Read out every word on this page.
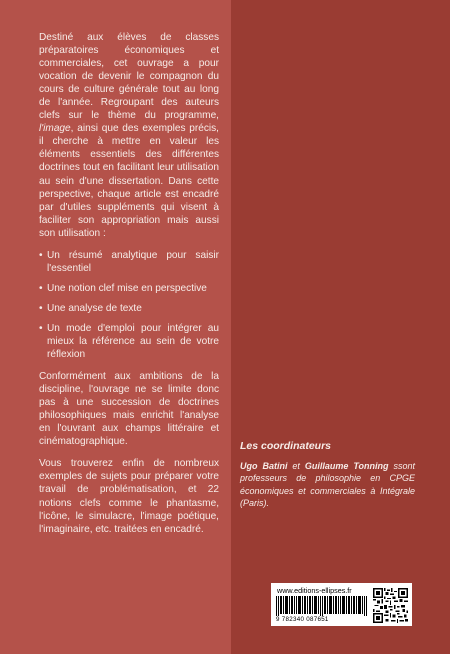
Destiné aux élèves de classes préparatoires économiques et commerciales, cet ouvrage a pour vocation de devenir le compagnon du cours de culture générale tout au long de l'année. Regroupant des auteurs clefs sur le thème du programme, l'image, ainsi que des exemples précis, il cherche à mettre en valeur les éléments essentiels des différentes doctrines tout en facilitant leur utilisation au sein d'une dissertation. Dans cette perspective, chaque article est encadré par d'utiles suppléments qui visent à faciliter son appropriation mais aussi son utilisation :

• Un résumé analytique pour saisir l'essentiel
• Une notion clef mise en perspective
• Une analyse de texte
• Un mode d'emploi pour intégrer au mieux la référence au sein de votre réflexion

Conformément aux ambitions de la discipline, l'ouvrage ne se limite donc pas à une succession de doctrines philosophiques mais enrichit l'analyse en l'ouvrant aux champs littéraire et cinématographique.

Vous trouverez enfin de nombreux exemples de sujets pour préparer votre travail de problématisation, et 22 notions clefs comme le phantasme, l'icône, le simulacre, l'image poétique, l'imaginaire, etc. traitées en encadré.

Les coordinateurs
Ugo Batini et Guillaume Tonning ssont professeurs de philosophie en CPGE économiques et commerciales à Intégrale (Paris).
www.editions-ellipses.fr
9 782340 087651
